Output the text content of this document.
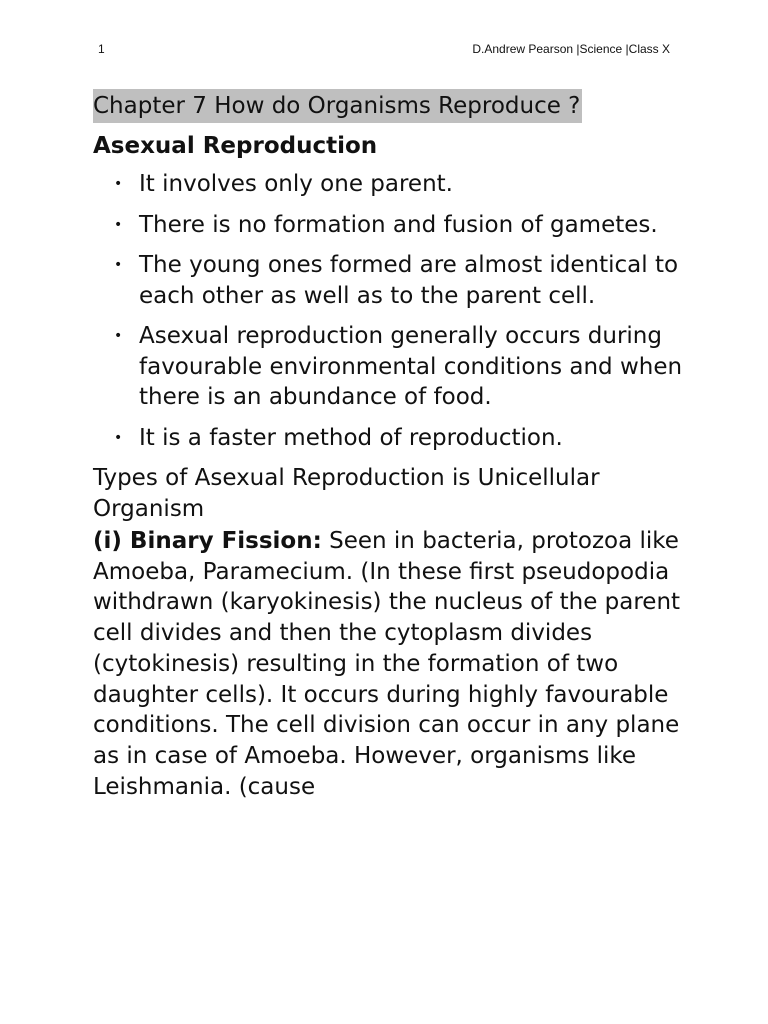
1	D.Andrew Pearson |Science |Class X
Chapter 7 How do Organisms Reproduce ?
Asexual Reproduction
• It involves only one parent.
• There is no formation and fusion of gametes.
• The young ones formed are almost identical to each other as well as to the parent cell.
• Asexual reproduction generally occurs during favourable environmental conditions and when there is an abundance of food.
• It is a faster method of reproduction.

Types of Asexual Reproduction is Unicellular Organism

(i) Binary Fission: Seen in bacteria, protozoa like Amoeba, Paramecium. (In these first pseudopodia withdrawn (karyokinesis) the nucleus of the parent cell divides and then the cytoplasm divides (cytokinesis) resulting in the formation of two daughter cells). It occurs during highly favourable conditions. The cell division can occur in any plane as in case of Amoeba. However, organisms like Leishmania. (cause
